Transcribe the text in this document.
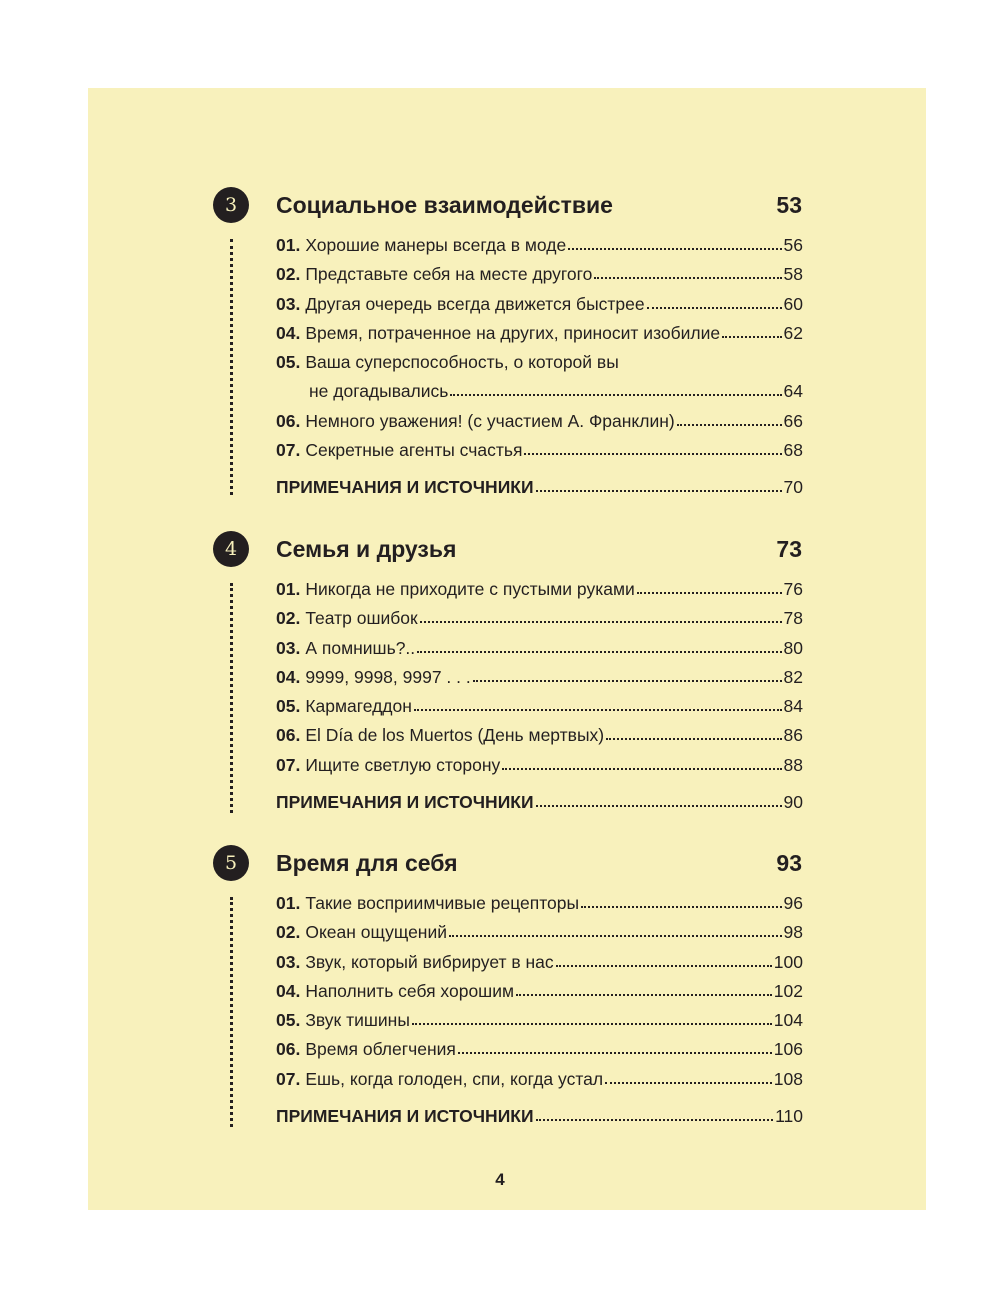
3	Социальное взаимодействие	53
01. Хорошие манеры всегда в моде	56
02. Представьте себя на месте другого	58
03. Другая очередь всегда движется быстрее	60
04. Время, потраченное на других, приносит изобилие	62
05. Ваша суперспособность, о которой вы
не догадывались	64
06. Немного уважения! (с участием А. Франклин)	66
07. Секретные агенты счастья	68
ПРИМЕЧАНИЯ И ИСТОЧНИКИ	70
4	Семья и друзья	73
01. Никогда не приходите с пустыми руками	76
02. Театр ошибок	78
03. А помнишь?..	80
04. 9999, 9998, 9997 . . .	82
05. Кармагеддон	84
06. El Día de los Muertos (День мертвых)	86
07. Ищите светлую сторону	88
ПРИМЕЧАНИЯ И ИСТОЧНИКИ	90
5	Время для себя	93
01. Такие восприимчивые рецепторы	96
02. Океан ощущений	98
03. Звук, который вибрирует в нас	100
04. Наполнить себя хорошим	102
05. Звук тишины	104
06. Время облегчения	106
07. Ешь, когда голоден, спи, когда устал	108
ПРИМЕЧАНИЯ И ИСТОЧНИКИ	110
4
